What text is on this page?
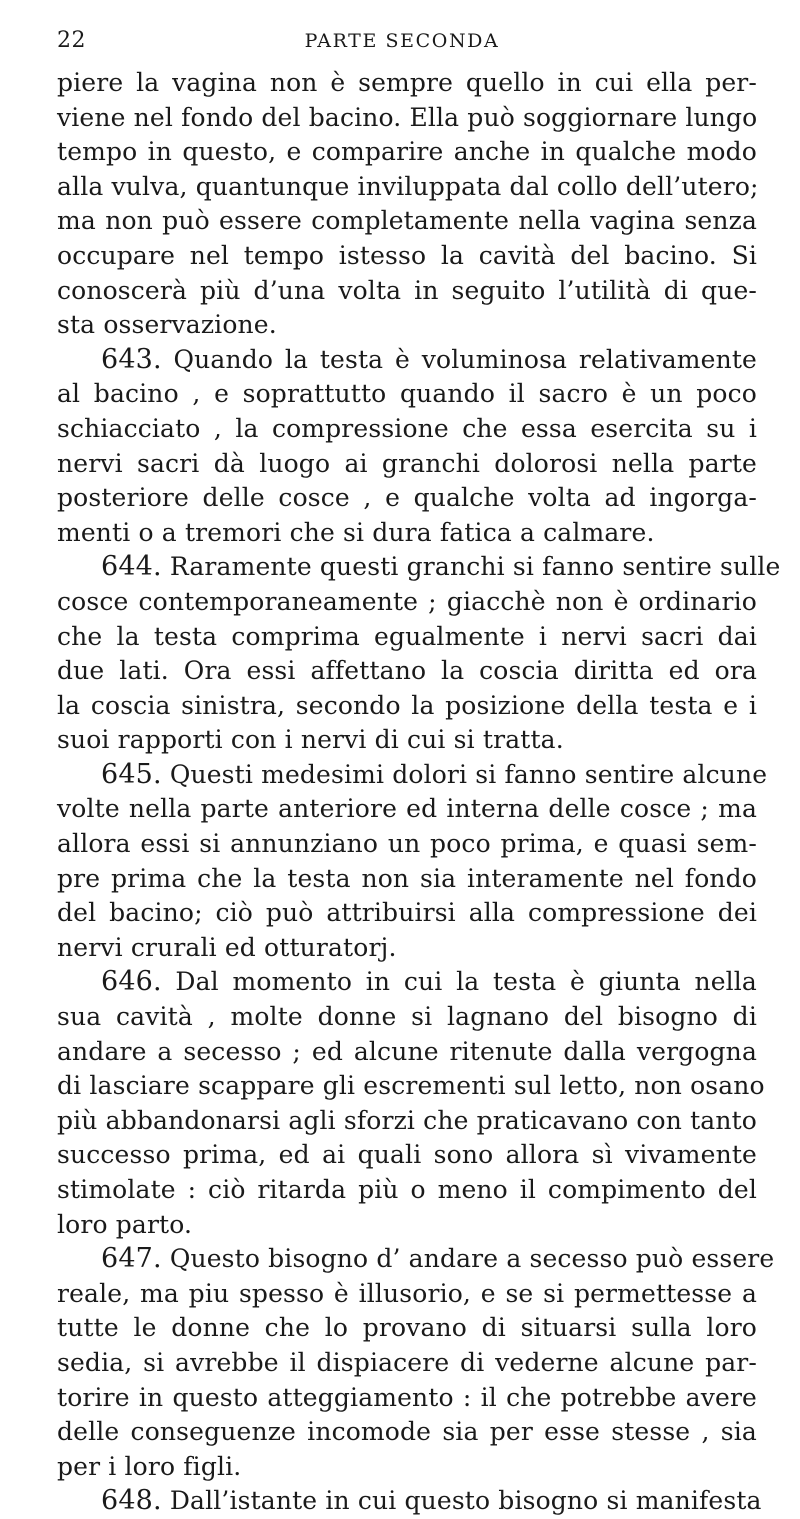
22	PARTE SECONDA
piere la vagina non è sempre quello in cui ella per-
viene nel fondo del bacino. Ella può soggiornare lungo
tempo in questo, e comparire anche in qualche modo
alla vulva, quantunque inviluppata dal collo dell’utero;
ma non può essere completamente nella vagina senza
occupare nel tempo istesso la cavità del bacino. Si
conoscerà più d’una volta in seguito l’utilità di que-
sta osservazione.
643. Quando la testa è voluminosa relativamente
al bacino , e soprattutto quando il sacro è un poco
schiacciato , la compressione che essa esercita su i
nervi sacri dà luogo ai granchi dolorosi nella parte
posteriore delle cosce , e qualche volta ad ingorga-
menti o a tremori che si dura fatica a calmare.
644. Raramente questi granchi si fanno sentire sulle
cosce contemporaneamente ; giacchè non è ordinario
che la testa comprima egualmente i nervi sacri dai
due lati. Ora essi affettano la coscia diritta ed ora
la coscia sinistra, secondo la posizione della testa e i
suoi rapporti con i nervi di cui si tratta.
645. Questi medesimi dolori si fanno sentire alcune
volte nella parte anteriore ed interna delle cosce ; ma
allora essi si annunziano un poco prima, e quasi sem-
pre prima che la testa non sia interamente nel fondo
del bacino; ciò può attribuirsi alla compressione dei
nervi crurali ed otturatorj.
646. Dal momento in cui la testa è giunta nella
sua cavità , molte donne si lagnano del bisogno di
andare a secesso ; ed alcune ritenute dalla vergogna
di lasciare scappare gli escrementi sul letto, non osano
più abbandonarsi agli sforzi che praticavano con tanto
successo prima, ed ai quali sono allora sì vivamente
stimolate : ciò ritarda più o meno il compimento del
loro parto.
647. Questo bisogno d’ andare a secesso può essere
reale, ma piu spesso è illusorio, e se si permettesse a
tutte le donne che lo provano di situarsi sulla loro
sedia, si avrebbe il dispiacere di vederne alcune par-
torire in questo atteggiamento : il che potrebbe avere
delle conseguenze incomode sia per esse stesse , sia
per i loro figli.
648. Dall’istante in cui questo bisogno si manifesta
